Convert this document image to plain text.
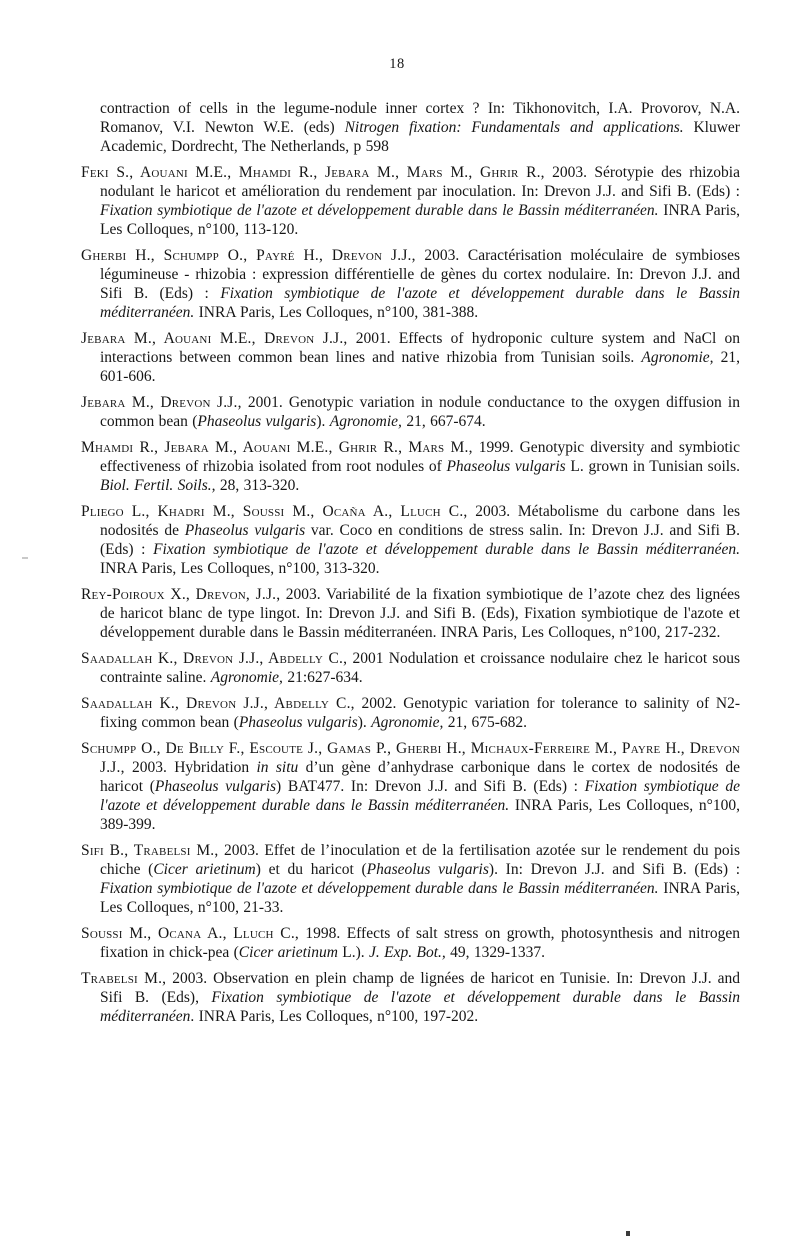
18

contraction of cells in the legume-nodule inner cortex ? In: Tikhonovitch, I.A. Provorov, N.A. Romanov, V.I. Newton W.E. (eds) Nitrogen fixation: Fundamentals and applications. Kluwer Academic, Dordrecht, The Netherlands, p 598

Feki S., Aouani M.E., Mhamdi R., Jebara M., Mars M., Ghrir R., 2003. Sérotypie des rhizobia nodulant le haricot et amélioration du rendement par inoculation. In: Drevon J.J. and Sifi B. (Eds) : Fixation symbiotique de l'azote et développement durable dans le Bassin méditerranéen. INRA Paris, Les Colloques, n°100, 113-120.

Gherbi H., Schumpp O., Payré H., Drevon J.J., 2003. Caractérisation moléculaire de symbioses légumineuse - rhizobia : expression différentielle de gènes du cortex nodulaire. In: Drevon J.J. and Sifi B. (Eds) : Fixation symbiotique de l'azote et développement durable dans le Bassin méditerranéen. INRA Paris, Les Colloques, n°100, 381-388.

Jebara M., Aouani M.E., Drevon J.J., 2001. Effects of hydroponic culture system and NaCl on interactions between common bean lines and native rhizobia from Tunisian soils. Agronomie, 21, 601-606.

Jebara M., Drevon J.J., 2001. Genotypic variation in nodule conductance to the oxygen diffusion in common bean (Phaseolus vulgaris). Agronomie, 21, 667-674.

Mhamdi R., Jebara M., Aouani M.E., Ghrir R., Mars M., 1999. Genotypic diversity and symbiotic effectiveness of rhizobia isolated from root nodules of Phaseolus vulgaris L. grown in Tunisian soils. Biol. Fertil. Soils., 28, 313-320.

Pliego L., Khadri M., Soussi M., Ocaña A., Lluch C., 2003. Métabolisme du carbone dans les nodosités de Phaseolus vulgaris var. Coco en conditions de stress salin. In: Drevon J.J. and Sifi B. (Eds) : Fixation symbiotique de l'azote et développement durable dans le Bassin méditerranéen. INRA Paris, Les Colloques, n°100, 313-320.

Rey-Poiroux X., Drevon, J.J., 2003. Variabilité de la fixation symbiotique de l’azote chez des lignées de haricot blanc de type lingot. In: Drevon J.J. and Sifi B. (Eds), Fixation symbiotique de l'azote et développement durable dans le Bassin méditerranéen. INRA Paris, Les Colloques, n°100, 217-232.

Saadallah K., Drevon J.J., Abdelly C., 2001 Nodulation et croissance nodulaire chez le haricot sous contrainte saline. Agronomie, 21:627-634.

Saadallah K., Drevon J.J., Abdelly C., 2002. Genotypic variation for tolerance to salinity of N2-fixing common bean (Phaseolus vulgaris). Agronomie, 21, 675-682.

Schumpp O., De Billy F., Escoute J., Gamas P., Gherbi H., Michaux-Ferreire M., Payre H., Drevon J.J., 2003. Hybridation in situ d’un gène d’anhydrase carbonique dans le cortex de nodosités de haricot (Phaseolus vulgaris) BAT477. In: Drevon J.J. and Sifi B. (Eds) : Fixation symbiotique de l'azote et développement durable dans le Bassin méditerranéen. INRA Paris, Les Colloques, n°100, 389-399.

Sifi B., Trabelsi M., 2003. Effet de l’inoculation et de la fertilisation azotée sur le rendement du pois chiche (Cicer arietinum) et du haricot (Phaseolus vulgaris). In: Drevon J.J. and Sifi B. (Eds) : Fixation symbiotique de l'azote et développement durable dans le Bassin méditerranéen. INRA Paris, Les Colloques, n°100, 21-33.

Soussi M., Ocana A., Lluch C., 1998. Effects of salt stress on growth, photosynthesis and nitrogen fixation in chick-pea (Cicer arietinum L.). J. Exp. Bot., 49, 1329-1337.

Trabelsi M., 2003. Observation en plein champ de lignées de haricot en Tunisie. In: Drevon J.J. and Sifi B. (Eds), Fixation symbiotique de l'azote et développement durable dans le Bassin méditerranéen. INRA Paris, Les Colloques, n°100, 197-202.
